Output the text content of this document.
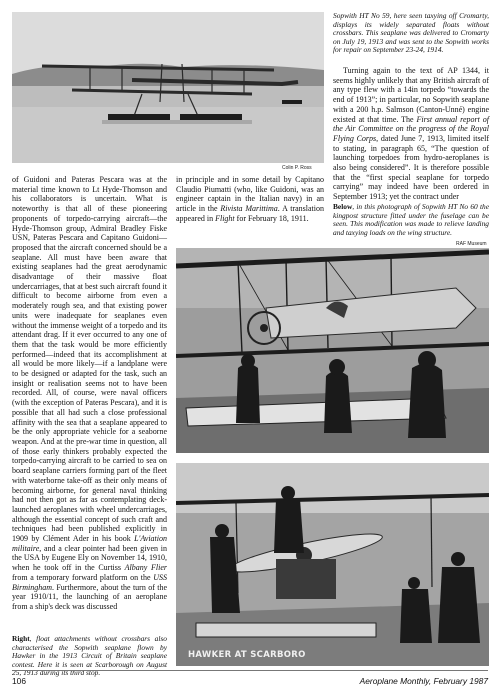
Colin P. Ross
Sopwith HT No 59, here seen taxying off Cromarty, displays its widely separated floats without crossbars. This seaplane was delivered to Cromarty on July 19, 1913 and was sent to the Sopwith works for repair on September 23-24, 1914.
Turning again to the text of AP 1344, it seems highly unlikely that any British aircraft of any type flew with a 14in torpedo “towards the end of 1913”; in particular, no Sopwith seaplane with a 200 h.p. Salmson (Canton-Unné) engine existed at that time. The First annual report of the Air Committee on the progress of the Royal Flying Corps, dated June 7, 1913, limited itself to stating, in paragraph 65, “The question of launching torpedoes from hydro-aeroplanes is also being considered”. It is therefore possible that the “first special seaplane for torpedo carrying” may indeed have been ordered in September 1913; yet the contract under
Below, in this photograph of Sopwith HT No 60 the kingpost structure fitted under the fuselage can be seen. This modification was made to relieve landing and taxying loads on the wing structure.
RAF Museum
of Guidoni and Pateras Pescara was at the material time known to Lt Hyde-Thomson and his collaborators is uncertain. What is noteworthy is that all of these pioneering proponents of torpedo-carrying aircraft—the Hyde-Thomson group, Admiral Bradley Fiske USN, Pateras Pescara and Capitano Guidoni—proposed that the aircraft concerned should be a seaplane. All must have been aware that existing seaplanes had the great aerodynamic disadvantage of their massive float undercarriages, that at best such aircraft found it difficult to become airborne from even a moderately rough sea, and that existing power units were inadequate for seaplanes even without the immense weight of a torpedo and its attendant drag. If it ever occurred to any one of them that the task would be more efficiently performed—indeed that its accomplishment at all would be more likely—if a landplane were to be designed or adapted for the task, such an insight or realisation seems not to have been recorded. All, of course, were naval officers (with the exception of Pateras Pescara), and it is possible that all had such a close professional affinity with the sea that a seaplane appeared to be the only appropriate vehicle for a seaborne weapon. And at the pre-war time in question, all of those early thinkers probably expected the torpedo-carrying aircraft to be carried to sea on board seaplane carriers forming part of the fleet with waterborne take-off as their only means of becoming airborne, for general naval thinking had not then got as far as contemplating deck-launched aeroplanes with wheel undercarriages, although the essential concept of such craft and techniques had been published explicitly in 1909 by Clément Ader in his book L'Aviation militaire, and a clear pointer had been given in the USA by Eugene Ely on November 14, 1910, when he took off in the Curtiss Albany Flier from a temporary forward platform on the USS Birmingham. Furthermore, about the turn of the year 1910/11, the launching of an aeroplane from a ship's deck was discussed
in principle and in some detail by Capitano Claudio Piumatti (who, like Guidoni, was an engineer captain in the Italian navy) in an article in the Rivista Marittima. A translation appeared in Flight for February 18, 1911.
HAWKER AT SCARBORO
Right, float attachments without crossbars also characterised the Sopwith seaplane flown by Hawker in the 1913 Circuit of Britain seaplane contest. Here it is seen at Scarborough on August 25, 1913 during its third stop.
106	Aeroplane Monthly, February 1987
